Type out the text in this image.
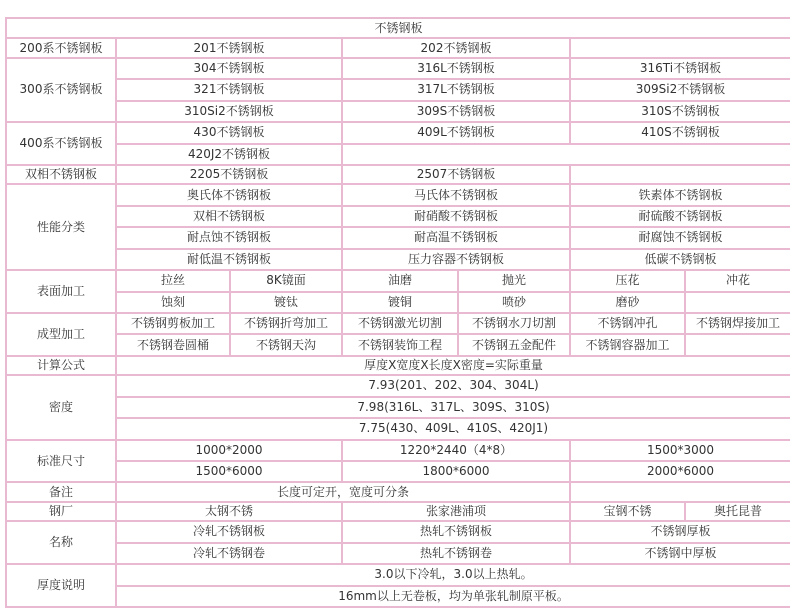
不锈钢板							
200系不锈钢板	201不锈钢板		202不锈钢板				
300系不锈钢板	304不锈钢板		316L不锈钢板		316Ti不锈钢板		
	321不锈钢板		317L不锈钢板		309Si2不锈钢板		
	310Si2不锈钢板		309S不锈钢板		310S不锈钢板		
400系不锈钢板	430不锈钢板		409L不锈钢板		410S不锈钢板		
	420J2不锈钢板						
双相不锈钢板	2205不锈钢板		2507不锈钢板				
性能分类	奥氏体不锈钢板		马氏体不锈钢板		铁素体不锈钢板		
	双相不锈钢板		耐硝酸不锈钢板		耐硫酸不锈钢板		
	耐点蚀不锈钢板		耐高温不锈钢板		耐腐蚀不锈钢板		
	耐低温不锈钢板		压力容器不锈钢板		低碳不锈钢板		
表面加工	拉丝	8K镜面	油磨	抛光	压花	冲花	
	蚀刻	镀钛	镀铜	喷砂	磨砂		
成型加工	不锈钢剪板加工	不锈钢折弯加工	不锈钢激光切割	不锈钢水刀切割	不锈钢冲孔	不锈钢焊接加工	
	不锈钢卷圆桶	不锈钢天沟	不锈钢装饰工程	不锈钢五金配件	不锈钢容器加工		
计算公式	厚度X宽度X长度X密度=实际重量						
密度	7.93(201、202、304、304L)						
	7.98(316L、317L、309S、310S)						
	7.75(430、409L、410S、420J1)						
标准尺寸	1000*2000		1220*2440（4*8）		1500*3000		
	1500*6000		1800*6000		2000*6000		
备注	长度可定开，宽度可分条						
钢厂	太钢不锈		张家港浦项		宝钢不锈	奥托昆普	
名称	冷轧不锈钢板		热轧不锈钢板		不锈钢厚板		
	冷轧不锈钢卷		热轧不锈钢卷		不锈钢中厚板		
厚度说明	3.0以下冷轧，3.0以上热轧。						
	16mm以上无卷板，均为单张轧制原平板。						
